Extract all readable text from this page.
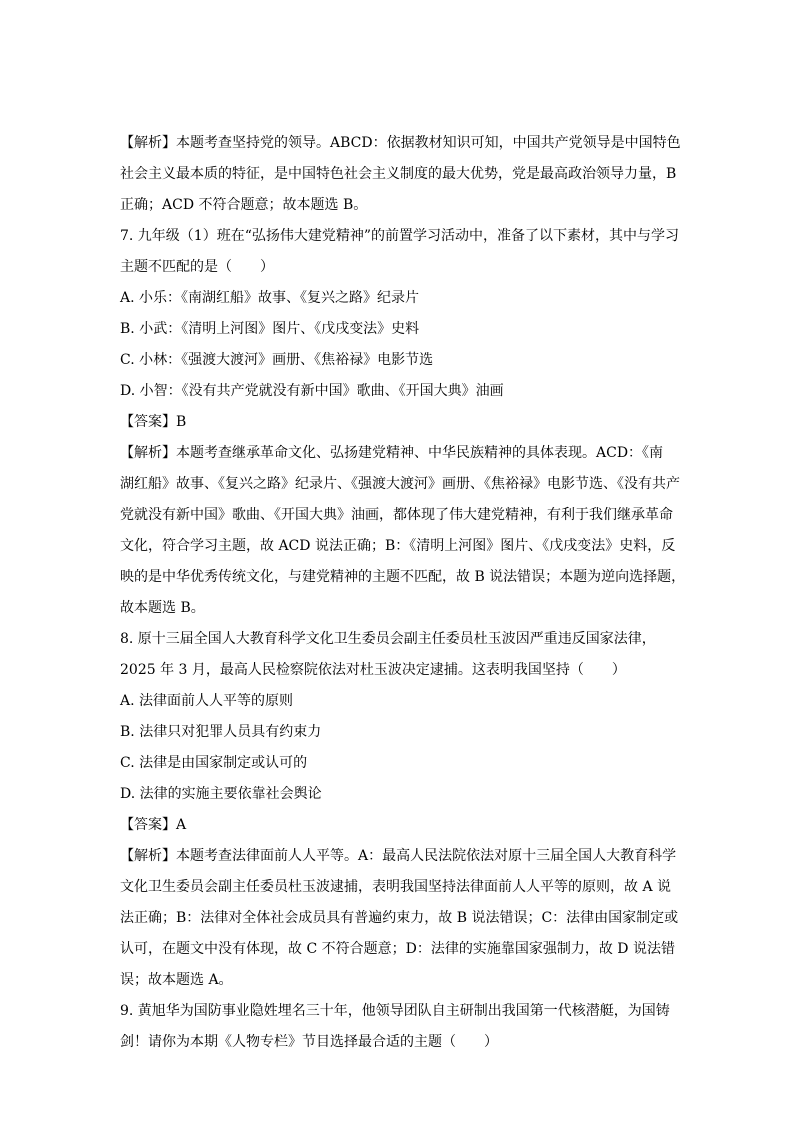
【解析】本题考查坚持党的领导。ABCD：依据教材知识可知，中国共产党领导是中国特色
社会主义最本质的特征，是中国特色社会主义制度的最大优势，党是最高政治领导力量，B
正确；ACD 不符合题意；故本题选 B。
7. 九年级（1）班在“弘扬伟大建党精神”的前置学习活动中，准备了以下素材，其中与学习
主题不匹配的是（　　）
A. 小乐：《南湖红船》故事、《复兴之路》纪录片
B. 小武：《清明上河图》图片、《戊戌变法》史料
C. 小林：《强渡大渡河》画册、《焦裕禄》电影节选
D. 小智：《没有共产党就没有新中国》歌曲、《开国大典》油画
【答案】B
【解析】本题考查继承革命文化、弘扬建党精神、中华民族精神的具体表现。ACD：《南
湖红船》故事、《复兴之路》纪录片、《强渡大渡河》画册、《焦裕禄》电影节选、《没有共产
党就没有新中国》歌曲、《开国大典》油画，都体现了伟大建党精神，有利于我们继承革命
文化，符合学习主题，故 ACD 说法正确；B：《清明上河图》图片、《戊戌变法》史料，反
映的是中华优秀传统文化，与建党精神的主题不匹配，故 B 说法错误；本题为逆向选择题，
故本题选 B。
8. 原十三届全国人大教育科学文化卫生委员会副主任委员杜玉波因严重违反国家法律，
2025 年 3 月，最高人民检察院依法对杜玉波决定逮捕。这表明我国坚持（　　）
A. 法律面前人人平等的原则
B. 法律只对犯罪人员具有约束力
C. 法律是由国家制定或认可的
D. 法律的实施主要依靠社会舆论
【答案】A
【解析】本题考查法律面前人人平等。A：最高人民法院依法对原十三届全国人大教育科学
文化卫生委员会副主任委员杜玉波逮捕，表明我国坚持法律面前人人平等的原则，故 A 说
法正确；B：法律对全体社会成员具有普遍约束力，故 B 说法错误；C：法律由国家制定或
认可，在题文中没有体现，故 C 不符合题意；D：法律的实施靠国家强制力，故 D 说法错
误；故本题选 A。
9. 黄旭华为国防事业隐姓埋名三十年，他领导团队自主研制出我国第一代核潜艇，为国铸
剑！请你为本期《人物专栏》节目选择最合适的主题（　　）
